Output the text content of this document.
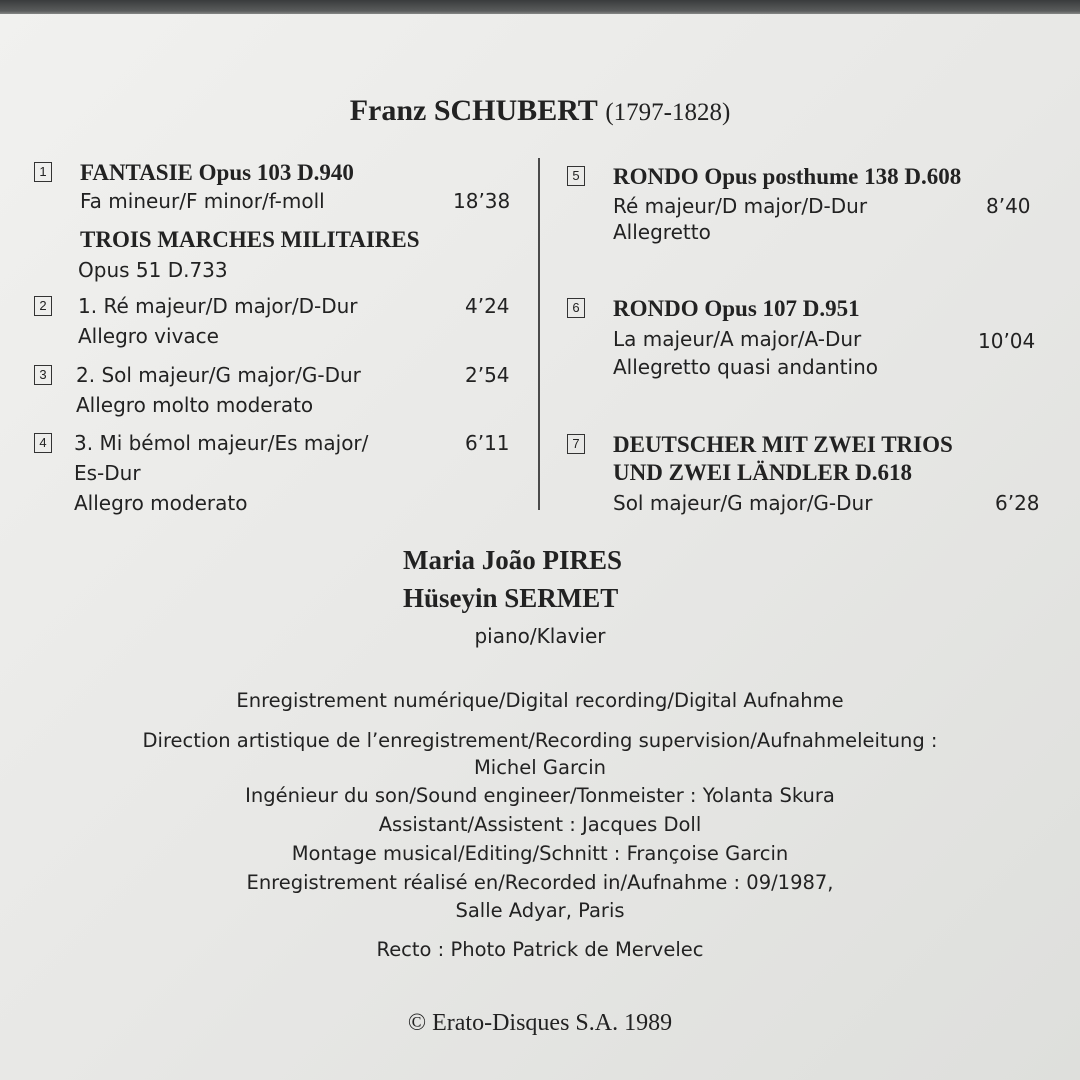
Franz SCHUBERT (1797-1828)
1 FANTASIE Opus 103 D.940
Fa mineur/F minor/f-moll	18’38
TROIS MARCHES MILITAIRES
Opus 51 D.733
2 1. Ré majeur/D major/D-Dur	4’24
Allegro vivace
3 2. Sol majeur/G major/G-Dur	2’54
Allegro molto moderato
4 3. Mi bémol majeur/Es major/	6’11
Es-Dur
Allegro moderato
5 RONDO Opus posthume 138 D.608
Ré majeur/D major/D-Dur	8’40
Allegretto
6 RONDO Opus 107 D.951
La majeur/A major/A-Dur	10’04
Allegretto quasi andantino
7 DEUTSCHER MIT ZWEI TRIOS
UND ZWEI LÄNDLER D.618
Sol majeur/G major/G-Dur	6’28
Maria João PIRES
Hüseyin SERMET
piano/Klavier
Enregistrement numérique/Digital recording/Digital Aufnahme
Direction artistique de l’enregistrement/Recording supervision/Aufnahmeleitung :
Michel Garcin
Ingénieur du son/Sound engineer/Tonmeister : Yolanta Skura
Assistant/Assistent : Jacques Doll
Montage musical/Editing/Schnitt : Françoise Garcin
Enregistrement réalisé en/Recorded in/Aufnahme : 09/1987,
Salle Adyar, Paris
Recto : Photo Patrick de Mervelec
© Erato-Disques S.A. 1989
